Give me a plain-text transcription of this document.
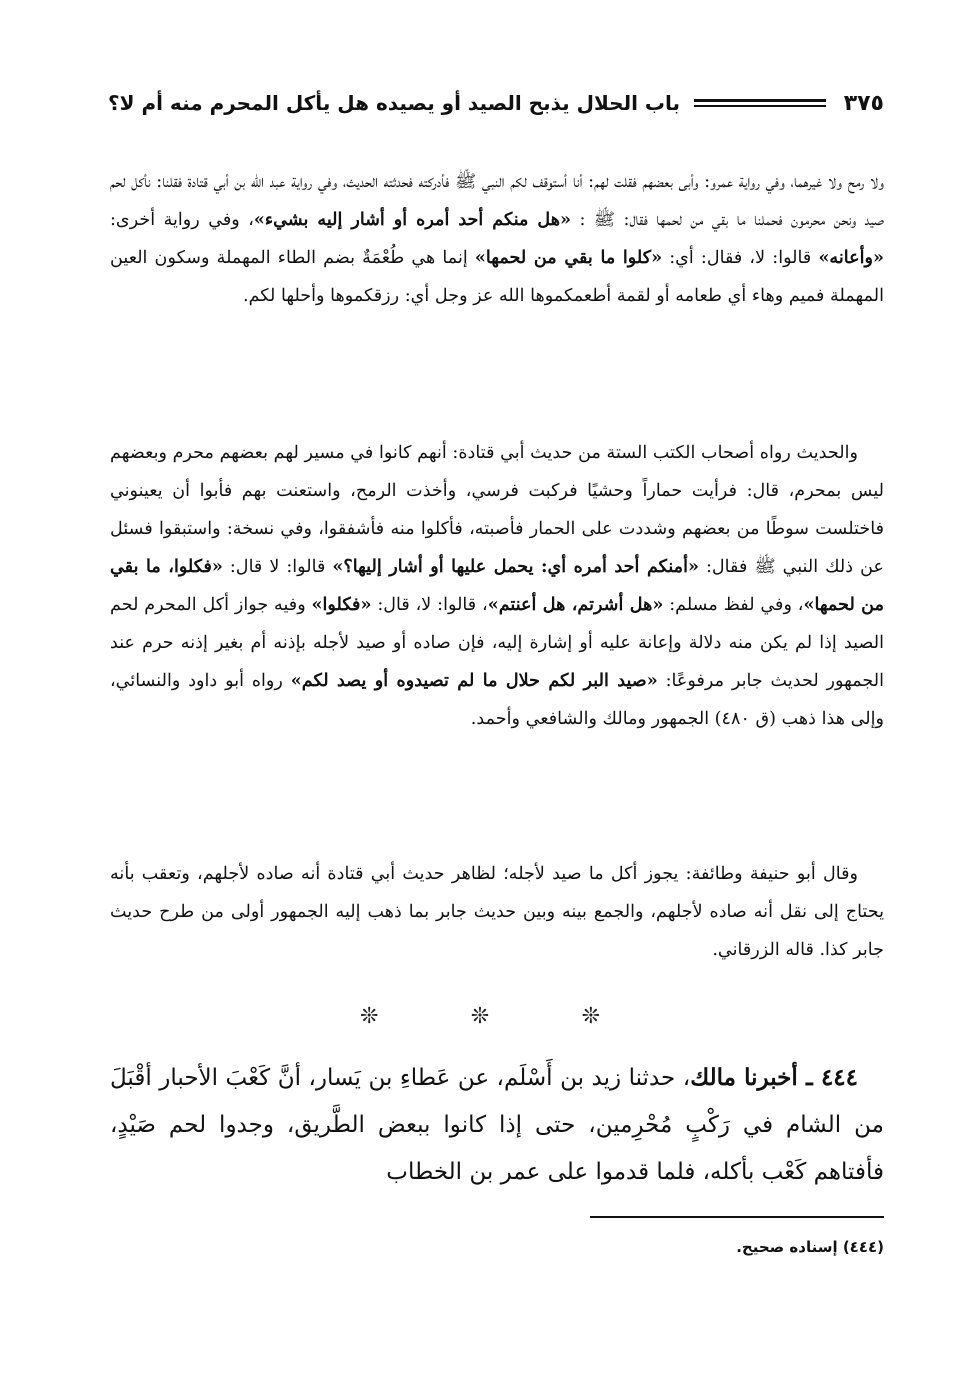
باب الحلال يذبح الصيد أو يصيده هل يأكل المحرم منه أم لا؟	٣٧٥

ولا رمح ولا غيرهما، وفي رواية عمرو: وأبى بعضهم فقلت لهم: أنا أستوقف لكم النبي ﷺ فأدركته فحدثته الحديث، وفي رواية عبد الله بن أبي قتادة فقلنا: نأكل لحم صيد ونحن محرمون فحملنا ما بقي من لحمها فقال: ﷺ : «هل منكم أحد أمره أو أشار إليه بشيء»، وفي رواية أخرى: «وأعانه» قالوا: لا، فقال: أي: «كلوا ما بقي من لحمها» إنما هي طُعْمَةٌ بضم الطاء المهملة وسكون العين المهملة فميم وهاء أي طعامه أو لقمة أطعمكموها الله عز وجل أي: رزقكموها وأحلها لكم.

والحديث رواه أصحاب الكتب الستة من حديث أبي قتادة: أنهم كانوا في مسير لهم بعضهم محرم وبعضهم ليس بمحرم، قال: فرأيت حماراً وحشيًا فركبت فرسي، وأخذت الرمح، واستعنت بهم فأبوا أن يعينوني فاختلست سوطًا من بعضهم وشددت على الحمار فأصبته، فأكلوا منه فأشفقوا، وفي نسخة: واستبقوا فسئل عن ذلك النبي ﷺ فقال: «أمنكم أحد أمره أي: يحمل عليها أو أشار إليها؟» قالوا: لا قال: «فكلوا، ما بقي من لحمها»، وفي لفظ مسلم: «هل أشرتم، هل أعنتم»، قالوا: لا، قال: «فكلوا» وفيه جواز أكل المحرم لحم الصيد إذا لم يكن منه دلالة وإعانة عليه أو إشارة إليه، فإن صاده أو صيد لأجله بإذنه أم بغير إذنه حرم عند الجمهور لحديث جابر مرفوعًا: «صيد البر لكم حلال ما لم تصيدوه أو يصد لكم» رواه أبو داود والنسائي، وإلى هذا ذهب (ق ٤٨٠) الجمهور ومالك والشافعي وأحمد.

وقال أبو حنيفة وطائفة: يجوز أكل ما صيد لأجله؛ لظاهر حديث أبي قتادة أنه صاده لأجلهم، وتعقب بأنه يحتاج إلى نقل أنه صاده لأجلهم، والجمع بينه وبين حديث جابر بما ذهب إليه الجمهور أولى من طرح حديث جابر كذا. قاله الزرقاني.

❊	❊	❊

٤٤٤ ـ أخبرنا مالك، حدثنا زيد بن أَسْلَم، عن عَطاءِ بن يَسار، أنَّ كَعْبَ الأحبار أقْبَلَ من الشام في رَكْبٍ مُحْرِمين، حتى إذا كانوا ببعض الطَّريق، وجدوا لحم صَيْدٍ، فأفتاهم كَعْب بأكله، فلما قدموا على عمر بن الخطاب

(٤٤٤) إسناده صحيح.
